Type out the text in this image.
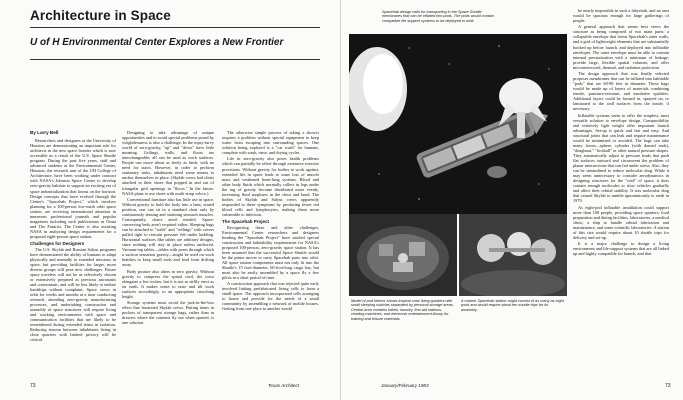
Architecture in Space
U of H Environmental Center Explores a New Frontier
By Larry Bell

Researchers and designers at the University of Houston are demonstrating an important role for architects in the new space frontier which is now accessible as a result of the U.S. Space Shuttle program. During the past five years, staff and advanced students at the Environmental Center, Houston, the research arm of the UH College of Architecture, have been working under contract with NASA's Johnson Space Center to develop zero-gravity habitats to support an exciting era of space industrialization that looms on the horizon. Design concepts that have evolved through the Center's "Spacehab Project," which involves planning for a 100-person low-earth orbit space station, are receiving international attention in numerous professional journals and popular magazines including such publications as Omni and The Futurist. The Center is also assisting NASA in analyzing design requirements for a proposed eight-person space station.

Challenges for Designers

The U.S. Skylab and Russian Salyut programs have demonstrated the ability of humans to adapt physically and mentally to extended missions in space, but providing facilities for larger, more diverse groups will pose new challenges. Future space travelers will not be as selectively chosen or extensively prepared as previous astronauts and cosmonauts, and will be less likely to endure hardships without complaint. Space crews in orbit for weeks and months at a time conducting research, attending zero-gravity manufacturing processes, and undertaking construction and assembly of space structures will require living and working environments with space and communication facilities that are likely to be remembered during extended terms in isolation. Reducing tension between inhabitants living in close quarters with limited privacy will be critical.

Designing to take advantage of unique opportunities and to avoid special problems posed by weightlessness is also a challenge. In the topsy-turvy world of zero-gravity, "up" and "down" have little meaning. Ceilings, walls, and floors are interchangeable; all can be used as work surfaces. People can move about as freely as birds, with no need for stairs. However, in order to perform stationary tasks, inhabitants need some means to anchor themselves in place. (Skylab crews had cleats attached to their shoes that popped in and out of triangular grid openings in "floors." In the future, NASA plans to use shoes with multi-strap velcro.)

Conventional furniture also has little use in space. Without gravity to hold the body into a bent, seated position, one can sit in a standard chair only by continuously tensing and straining stomach muscles. Consequently, chairs aren't needed. Space-conserving beds aren't required either. Sleeping bags can be attached to "walls" and "ceilings" with covers pulled tight to restrain pressure felt under bedding. Horizontal surfaces like tables are arbitrary designs, since nothing will stay in place unless anchored. Vacuum-top tables—tables with pores through which a suction sensation gravity—might be used on work benches to keep small tools and food from drifting away.

Body posture also alters in zero gravity. Without gravity to compress the spinal cord, the torso elongates a few inches, but it is not as stiffly erect as on earth. It makes sense to raise and tilt work surfaces accordingly, to an appropriate crouching height.

Storage systems must avoid the jack-in-the-box effect that frustrated Skylab crews. Putting items in pockets of transparent storage bags, rather than in drawers where the contents fly out when opened, is one solution.

The otherwise simple process of taking a shower requires a problem without special equipment to keep water from escaping into surrounding spaces. One solution being explored is a "car wash" for humans, complete with wash, rinse, and drying cycles.

Life in zero-gravity also poses health problems which can partially be offset through extensive exercise provisions. Without gravity for bodies to work against, extended life in space leads to some loss of muscle mass and weakened heart-lung systems. Blood and other body fluids which normally collect in legs under the tug of gravity become distributed more evenly, increasing fluid surpluses in the chest and head. The bodies of Skylab and Salyut crews apparently responded to these symptoms by producing fewer red blood cells and lymphocytes, making them more vulnerable to infection.

The Spacehab Project

Recognizing these and other challenges, Environmental Center researchers and designers heading the "Spacehab Project" have studied special construction and habitability requirements for NASA's proposed 100-person, zero-gravity space station. It has been assumed that the successful Space Shuttle would be the prime mover to carry Spacehab parts into orbit. All space station components must not only fit into the Shuttle's 15 foot-diameter, 60-foot-long cargo bay, but must also be easily assembled by a space fly a few pilots in a short period of time.

A construction approach that was rejected quite early involved linking prefabricated living cells to form a small space. The approach incorporated cells arranging to house and provide for the needs of a small community by assembling a network of mobile houses. Getting from one place to another would

73	Texas Architect
Spacehab design calls for transporting in the Space Shuttle membranes that can be inflated into pods. The pods would contain compatible life support systems to be deployed in orbit.
Model of pod interior shows tropical crew living quarters with small sleeping cubicles separated by personal storage areas. Central area contains toilets, laundry, first-aid stations, vending machines, and electronic entertainment library for training and leisure materials.
A mature Spacehab station might consist of as many as eight pods and would require about ten shuttle trips for its assembly.

be nearly impossible in such a labyrinth, and an area would be spacious enough for large gatherings of people.

A general approach that seems best views the structure as being composed of two main parts: a collapsible envelope that forms Spacehab's outer walls, and a grid of lightweight elements that are substantially hooked up before launch, and deployed into inflatable envelopes. The outer envelope must be able to contain internal pressurization with a minimum of leakage, provide large, flexible spatial volumes, and offer micrometeoroid, thermal, and radiation protection.

The design approach that was finally selected proposes membranes that can be inflated into habitable "pods" that are 60-90 feet in diameter. These bags would be made up of layers of materials combining tensile, puncture-resistant, and insulative qualities. Additional layers could be formed in, sprayed on, or laminated to the wall surfaces from the inside, if necessary.

Inflatable systems seem to offer the simplest, most versatile solution to envelope design. Compactibility and relatively light weight offer important launch advantages. Set-up is quick and fast and easy. And structural joints that can leak and require maintenance would be minimized or avoided. The bags can take many forms—sphere, cylinder (with domed ends), "doughnut," "football" or other natural pressure shapes. They automatically adjust to pressure loads that push flat surfaces outward and circumvent the problem of planar intersections that can fail under stress. Also, they can be streamlined to reduce molecular drag. While it may seem unnecessary to consider aerodynamics in designing structures for the "void" of space, it does contain enough molecules to slow vehicles gradually and affect their orbital stability. It was molecular drag that caused Skylab to tumble ignominiously to earth in 1979.

As eight-pod inflatable installation could support more than 100 people, providing space quarters, food preparation and dining facilities, laboratories, a medical clinic, a ship to handle orbital fabrication and maintenance, and some scientific laboratories. A station of this size would require about 10 shuttle trips for delivery and set-up.

It is a major challenge to design a living environment and life-support systems that are all linked up and highly compatible for launch, and that

January/February 1983	73
